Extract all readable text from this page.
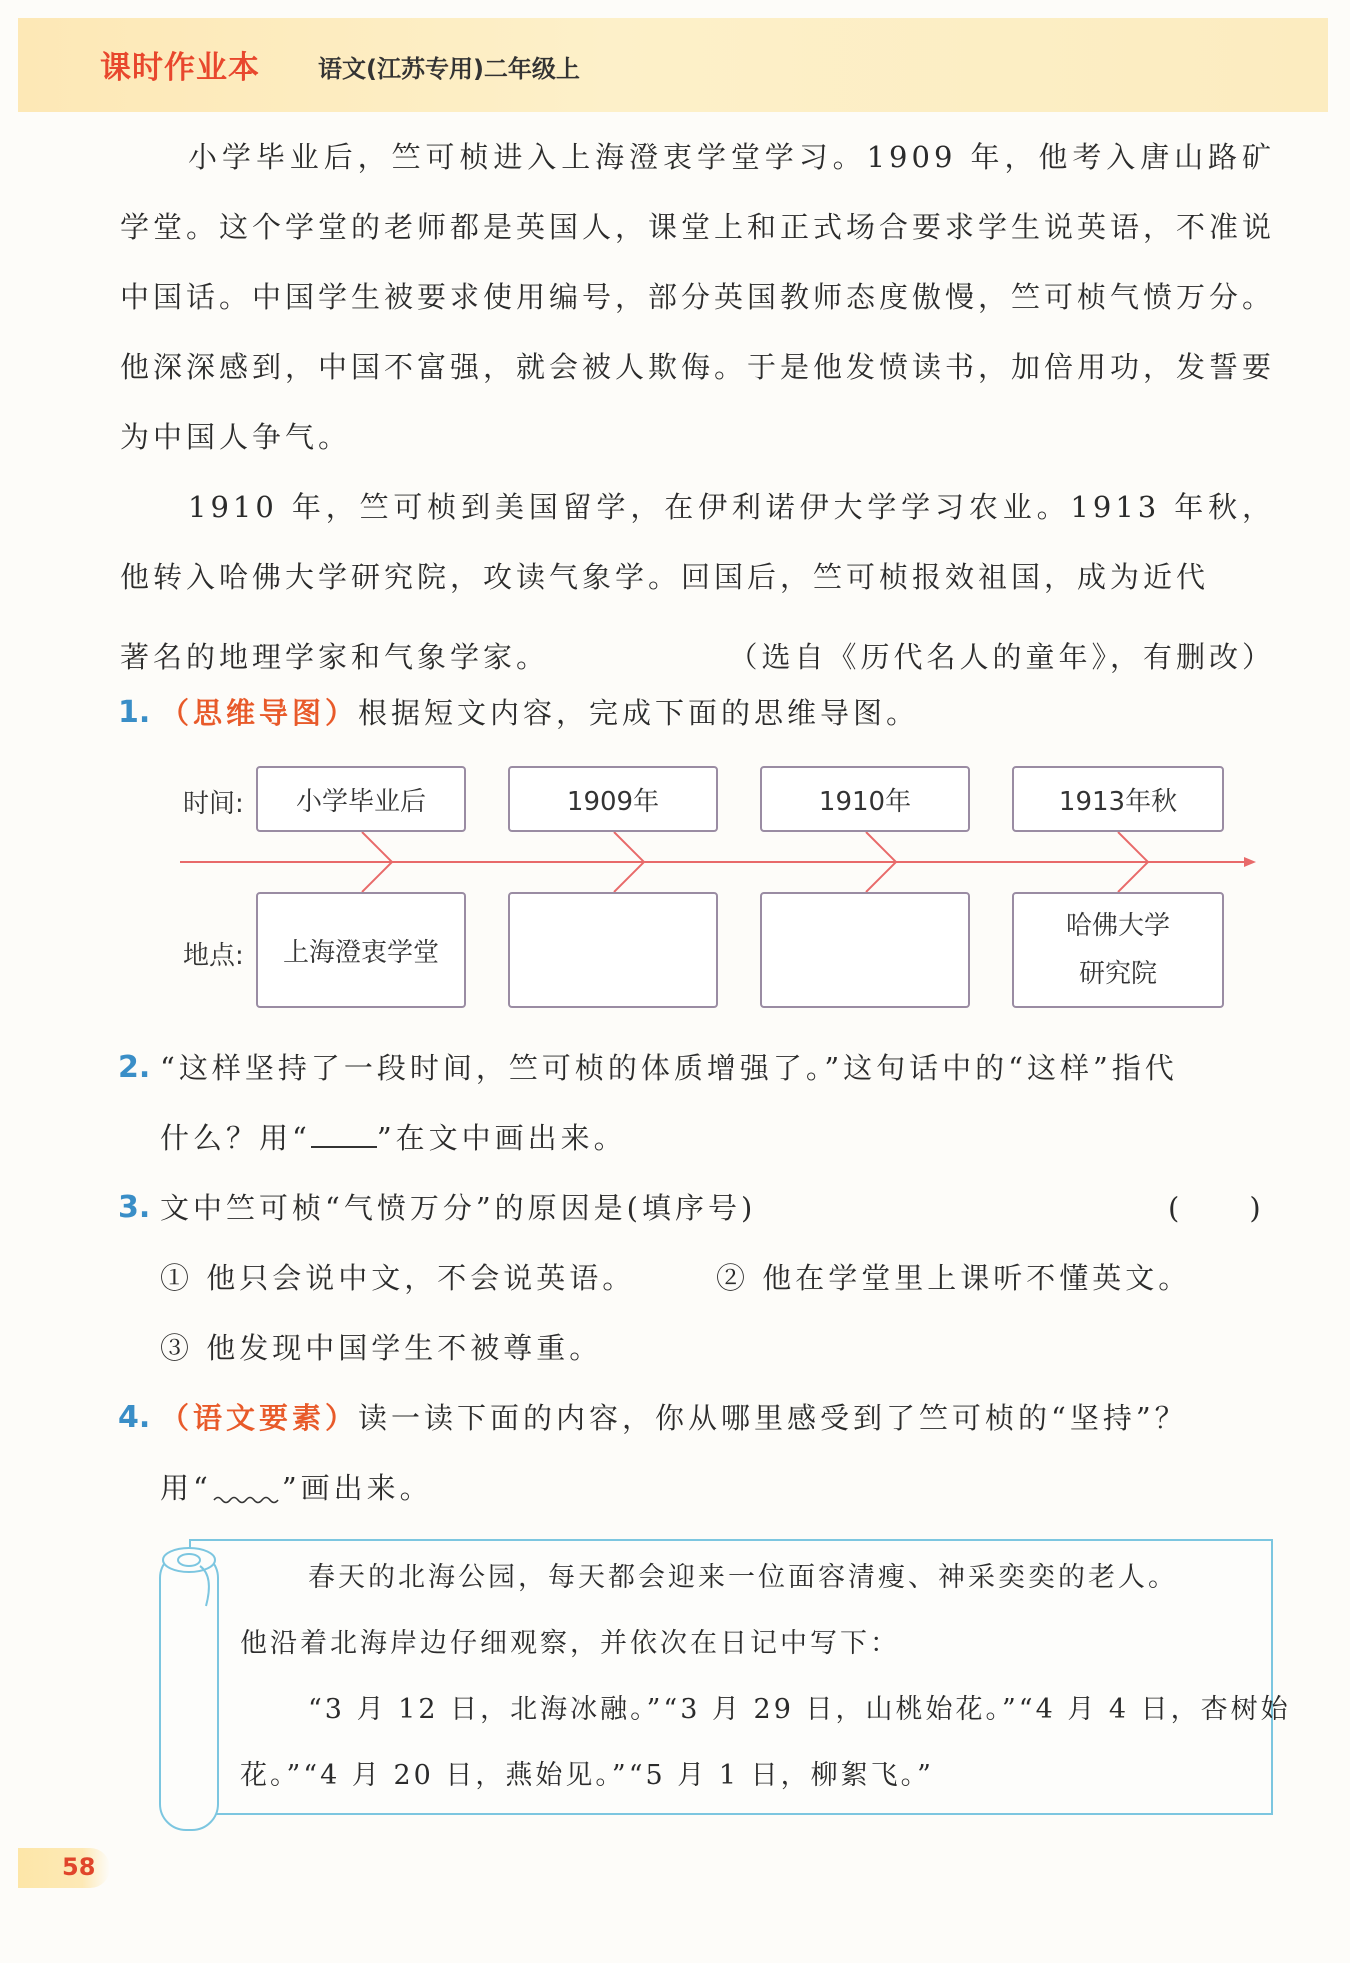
课时作业本 语文(江苏专用)二年级上

小学毕业后，竺可桢进入上海澄衷学堂学习。1909 年，他考入唐山路矿学堂。这个学堂的老师都是英国人，课堂上和正式场合要求学生说英语，不准说中国话。中国学生被要求使用编号，部分英国教师态度傲慢，竺可桢气愤万分。他深深感到，中国不富强，就会被人欺侮。于是他发愤读书，加倍用功，发誓要为中国人争气。

1910 年，竺可桢到美国留学，在伊利诺伊大学学习农业。1913 年秋，他转入哈佛大学研究院，攻读气象学。回国后，竺可桢报效祖国，成为近代

著名的地理学家和气象学家。	（选自《历代名人的童年》，有删改）
1. （思维导图）根据短文内容，完成下面的思维导图。
时间:
地点:
小学毕业后	1909年	1910年	1913年秋
上海澄衷学堂
哈佛大学
研究院
2. “这样坚持了一段时间，竺可桢的体质增强了。”这句话中的“这样”指代
什么？用“ ”在文中画出来。
3. 文中竺可桢“气愤万分”的原因是(填序号)	(　　)
① 他只会说中文，不会说英语。	② 他在学堂里上课听不懂英文。
③ 他发现中国学生不被尊重。
4. （语文要素）读一读下面的内容，你从哪里感受到了竺可桢的“坚持”？
用“ ”画出来。
春天的北海公园，每天都会迎来一位面容清瘦、神采奕奕的老人。
他沿着北海岸边仔细观察，并依次在日记中写下：
“3 月 12 日，北海冰融。”“3 月 29 日，山桃始花。”“4 月 4 日，杏树始
花。”“4 月 20 日，燕始见。”“5 月 1 日，柳絮飞。”
58
